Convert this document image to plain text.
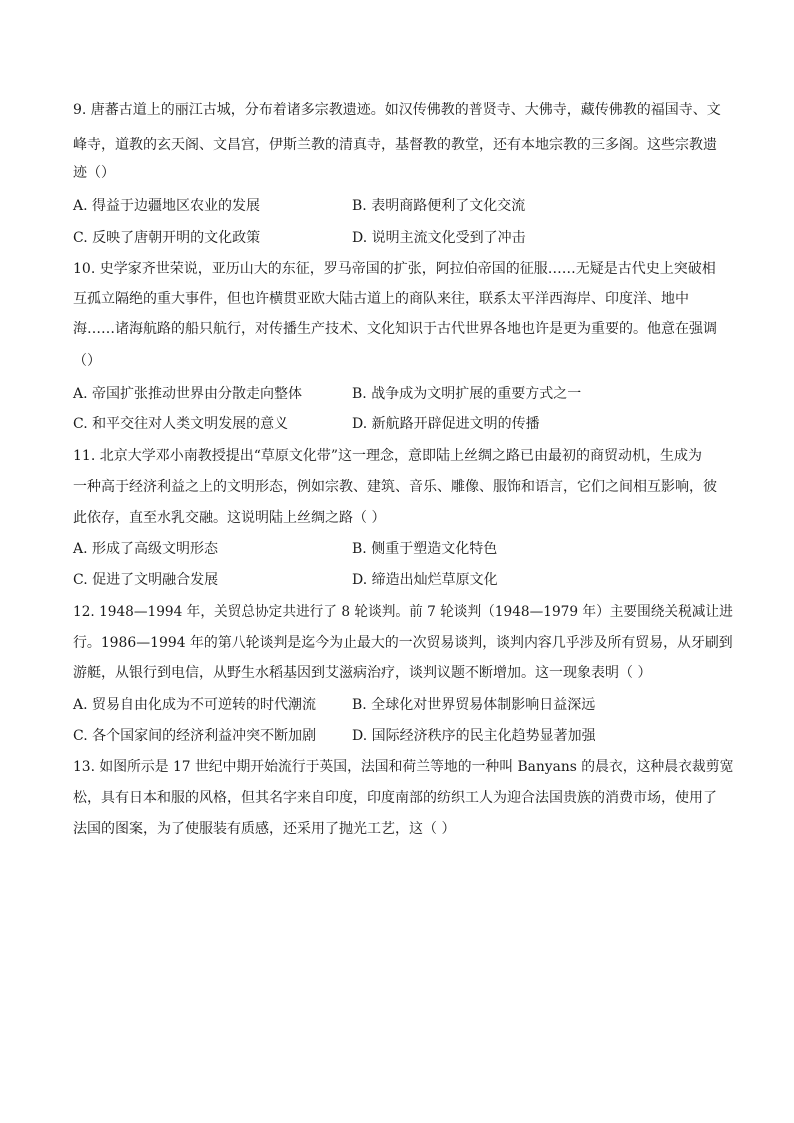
9. 唐蕃古道上的丽江古城，分布着诸多宗教遗迹。如汉传佛教的普贤寺、大佛寺，藏传佛教的福国寺、文
峰寺，道教的玄天阁、文昌宫，伊斯兰教的清真寺，基督教的教堂，还有本地宗教的三多阁。这些宗教遗
迹（）
A. 得益于边疆地区农业的发展	B. 表明商路便利了文化交流
C. 反映了唐朝开明的文化政策	D. 说明主流文化受到了冲击
10. 史学家齐世荣说，亚历山大的东征，罗马帝国的扩张，阿拉伯帝国的征服……无疑是古代史上突破相
互孤立隔绝的重大事件，但也许横贯亚欧大陆古道上的商队来往，联系太平洋西海岸、印度洋、地中
海……诸海航路的船只航行，对传播生产技术、文化知识于古代世界各地也许是更为重要的。他意在强调
（）
A. 帝国扩张推动世界由分散走向整体	B. 战争成为文明扩展的重要方式之一
C. 和平交往对人类文明发展的意义	D. 新航路开辟促进文明的传播
11. 北京大学邓小南教授提出“草原文化带”这一理念，意即陆上丝绸之路已由最初的商贸动机，生成为
一种高于经济利益之上的文明形态，例如宗教、建筑、音乐、雕像、服饰和语言，它们之间相互影响，彼
此依存，直至水乳交融。这说明陆上丝绸之路（ ）
A. 形成了高级文明形态	B. 侧重于塑造文化特色
C. 促进了文明融合发展	D. 缔造出灿烂草原文化
12. 1948—1994 年，关贸总协定共进行了 8 轮谈判。前 7 轮谈判（1948—1979 年）主要围绕关税减让进
行。1986—1994 年的第八轮谈判是迄今为止最大的一次贸易谈判，谈判内容几乎涉及所有贸易，从牙刷到
游艇，从银行到电信，从野生水稻基因到艾滋病治疗，谈判议题不断增加。这一现象表明（ ）
A. 贸易自由化成为不可逆转的时代潮流	B. 全球化对世界贸易体制影响日益深远
C. 各个国家间的经济利益冲突不断加剧	D. 国际经济秩序的民主化趋势显著加强
13. 如图所示是 17 世纪中期开始流行于英国，法国和荷兰等地的一种叫 Banyans 的晨衣，这种晨衣裁剪宽
松，具有日本和服的风格，但其名字来自印度，印度南部的纺织工人为迎合法国贵族的消费市场，使用了
法国的图案，为了使服装有质感，还采用了抛光工艺，这（ ）
